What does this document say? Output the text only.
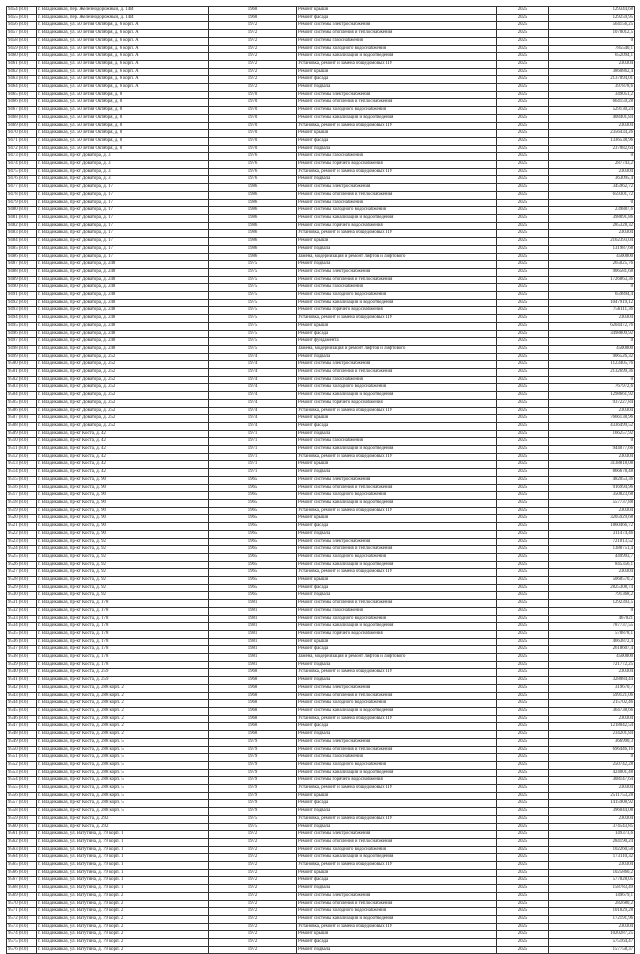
9454 (8.0)	г. Владикавказ, пер. Железнодорожный, д. 14И	1968	Ремонт крыши	2025	129344,68
9455 (8.0)	г. Владикавказ, пер. Железнодорожный, д. 14И	1968	Ремонт фасада	2025	129259,95
9456 (8.0)	г. Владикавказ, ул. 50 летия Октября, д. 6 корп. А	1972	Ремонт системы электроснабжения	2025	564156,25
9457 (8.0)	г. Владикавказ, ул. 50 летия Октября, д. 6 корп. А	1972	Ремонт системы отопления и теплоснабжения	2025	1070012,5
9458 (8.0)	г. Владикавказ, ул. 50 летия Октября, д. 6 корп. А	1972	Ремонт системы газоснабжения	2025	0
9459 (8.0)	г. Владикавказ, ул. 50 летия Октября, д. 6 корп. А	1972	Ремонт системы холодного водоснабжения	2025	785540,1
9460 (8.0)	г. Владикавказ, ул. 50 летия Октября, д. 6 корп. А	1972	Ремонт системы канализации и водоотведения	2025	652094,1
9461 (8.0)	г. Владикавказ, ул. 50 летия Октября, д. 6 корп. А	1972	Установка, ремонт и замена общедомовых ПУ	2025	230304
9462 (8.0)	г. Владикавказ, ул. 50 летия Октября, д. 6 корп. А	1972	Ремонт крыши	2025	3860862,4
9463 (8.0)	г. Владикавказ, ул. 50 летия Октября, д. 6 корп. А	1972	Ремонт фасада	2025	2137094,01
9464 (8.0)	г. Владикавказ, ул. 50 летия Октября, д. 6 корп. А	1972	Ремонт подвала	2025	397878,6
9465 (8.0)	г. Владикавказ, ул. 50 летия Октября, д. 8	1970	Ремонт системы электроснабжения	2025	349051,2
9466 (8.0)	г. Владикавказ, ул. 50 летия Октября, д. 8	1970	Ремонт системы отопления и теплоснабжения	2025	664159,28
9467 (8.0)	г. Владикавказ, ул. 50 летия Октября, д. 8	1970	Ремонт системы холодного водоснабжения	2025	529130,24
9468 (8.0)	г. Владикавказ, ул. 50 летия Октября, д. 8	1970	Ремонт системы канализации и водоотведения	2025	408401,84
9469 (8.0)	г. Владикавказ, ул. 50 летия Октября, д. 8	1970	Установка, ремонт и замена общедомовых ПУ	2025	230304
9470 (8.0)	г. Владикавказ, ул. 50 летия Октября, д. 8	1970	Ремонт крыши	2025	2356434,26
9471 (8.0)	г. Владикавказ, ул. 50 летия Октября, д. 8	1970	Ремонт фасада	2025	1336538,96
9472 (8.0)	г. Владикавказ, ул. 50 летия Октября, д. 8	1970	Ремонт подвала	2025	237082,64
9473 (8.0)	г. Владикавказ, пр-кт Доватора, д. 3	1976	Ремонт системы газоснабжения	2025	0
9474 (8.0)	г. Владикавказ, пр-кт Доватора, д. 3	1976	Ремонт системы горячего водоснабжения	2025	287743,2
9475 (8.0)	г. Владикавказ, пр-кт Доватора, д. 3	1976	Установка, ремонт и замена общедомовых ПУ	2025	230304
9476 (8.0)	г. Владикавказ, пр-кт Доватора, д. 3	1976	Ремонт подвала	2025	363095,4
9477 (8.0)	г. Владикавказ, пр-кт Доватора, д. 17	1986	Ремонт системы электроснабжения	2025	345962,72
9478 (8.0)	г. Владикавказ, пр-кт Доватора, д. 17	1986	Ремонт системы отопления и теплоснабжения	2025	659301,72
9479 (8.0)	г. Владикавказ, пр-кт Доватора, д. 17	1986	Ремонт системы газоснабжения	2025	0
9480 (8.0)	г. Владикавказ, пр-кт Доватора, д. 17	1986	Ремонт системы холодного водоснабжения	2025	239887,6
9481 (8.0)	г. Владикавказ, пр-кт Доватора, д. 17	1986	Ремонт системы канализации и водоотведения	2025	398891,86
9482 (8.0)	г. Владикавказ, пр-кт Доватора, д. 17	1986	Ремонт системы горячего водоснабжения	2025	285328,32
9483 (8.0)	г. Владикавказ, пр-кт Доватора, д. 17	1986	Установка, ремонт и замена общедомовых ПУ	2025	230304
9484 (8.0)	г. Владикавказ, пр-кт Доватора, д. 17	1986	Ремонт крыши	2025	2162393,04
9485 (8.0)	г. Владикавказ, пр-кт Доватора, д. 17	1986	Ремонт подвала	2025	131987,68
9486 (8.0)	г. Владикавказ, пр-кт Доватора, д. 17	1986	Замена, модернизация и ремонт лифтов и лифтового	2025	4500000
9487 (8.0)	г. Владикавказ, пр-кт Доватора, д. 248	1975	Ремонт подвала	2025	265025,76
9488 (8.0)	г. Владикавказ, пр-кт Доватора, д. 248	1975	Ремонт системы электроснабжения	2025	906581,68
9489 (8.0)	г. Владикавказ, пр-кт Доватора, д. 248	1975	Ремонт системы отопления и теплоснабжения	2025	1726863,36
9490 (8.0)	г. Владикавказ, пр-кт Доватора, д. 248	1975	Ремонт системы газоснабжения	2025	0
9491 (8.0)	г. Владикавказ, пр-кт Доватора, д. 248	1975	Ремонт системы холодного водоснабжения	2025	659894,4
9492 (8.0)	г. Владикавказ, пр-кт Доватора, д. 248	1975	Ремонт системы канализации и водоотведения	2025	1047919,12
9493 (8.0)	г. Владикавказ, пр-кт Доватора, д. 248	1975	Ремонт системы горячего водоснабжения	2025	756111,36
9494 (8.0)	г. Владикавказ, пр-кт Доватора, д. 248	1975	Установка, ремонт и замена общедомовых ПУ	2025	230304
9495 (8.0)	г. Владикавказ, пр-кт Доватора, д. 248	1975	Ремонт крыши	2025	6204472,76
9496 (8.0)	г. Владикавказ, пр-кт Доватора, д. 248	1975	Ремонт фасада	2025	3498809,92
9497 (8.0)	г. Владикавказ, пр-кт Доватора, д. 248	1975	Ремонт фундамента	2025	0
9498 (8.0)	г. Владикавказ, пр-кт Доватора, д. 248	1975	Замена, модернизация и ремонт лифтов и лифтового	2025	4500000
9499 (8.0)	г. Владикавказ, пр-кт Доватора, д. 252	1974	Ремонт подвала	2025	906526,32
9500 (8.0)	г. Владикавказ, пр-кт Доватора, д. 252	1974	Ремонт системы электроснабжения	2025	1123405,76
9501 (8.0)	г. Владикавказ, пр-кт Доватора, д. 252	1974	Ремонт системы отопления и теплоснабжения	2025	2132699,36
9502 (8.0)	г. Владикавказ, пр-кт Доватора, д. 252	1974	Ремонт системы газоснабжения	2025	0
9503 (8.0)	г. Владикавказ, пр-кт Доватора, д. 252	1974	Ремонт системы холодного водоснабжения	2025	767972,6
9504 (8.0)	г. Владикавказ, пр-кт Доватора, д. 252	1974	Ремонт системы канализации и водоотведения	2025	1298661,92
9505 (8.0)	г. Владикавказ, пр-кт Доватора, д. 252	1974	Ремонт системы горячего водоснабжения	2025	937227,84
9506 (8.0)	г. Владикавказ, пр-кт Доватора, д. 252	1974	Установка, ремонт и замена общедомовых ПУ	2025	230304
9507 (8.0)	г. Владикавказ, пр-кт Доватора, д. 252	1974	Ремонт крыши	2025	7666138,96
9508 (8.0)	г. Владикавказ, пр-кт Доватора, д. 252	1974	Ремонт фасада	2025	4336499,52
9509 (8.0)	г. Владикавказ, пр-кт Коста, д. 42	1971	Ремонт подвала	2025	166257,92
9510 (8.0)	г. Владикавказ, пр-кт Коста, д. 42	1971	Ремонт системы газоснабжения	2025	0
9511 (8.0)	г. Владикавказ, пр-кт Коста, д. 42	1971	Ремонт системы канализации и водоотведения	2025	944077,66
9512 (8.0)	г. Владикавказ, пр-кт Коста, д. 42	1971	Установка, ремонт и замена общедомовых ПУ	2025	230304
9513 (8.0)	г. Владикавказ, пр-кт Коста, д. 42	1971	Ремонт крыши	2025	3138818,08
9514 (8.0)	г. Владикавказ, пр-кт Коста, д. 42	1971	Ремонт подвала	2025	866678,48
9515 (8.0)	г. Владикавказ, пр-кт Коста, д. 90	1965	Ремонт системы электроснабжения	2025	482053,36
9516 (8.0)	г. Владикавказ, пр-кт Коста, д. 90	1965	Ремонт системы отопления и теплоснабжения	2025	916994,96
9517 (8.0)	г. Владикавказ, пр-кт Коста, д. 90	1965	Ремонт системы холодного водоснабжения	2025	350823,68
9518 (8.0)	г. Владикавказ, пр-кт Коста, д. 90	1965	Ремонт системы канализации и водоотведения	2025	557737,88
9519 (8.0)	г. Владикавказ, пр-кт Коста, д. 90	1965	Установка, ремонт и замена общедомовых ПУ	2025	230304
9520 (8.0)	г. Владикавказ, пр-кт Коста, д. 90	1965	Ремонт крыши	2025	3205929,68
9521 (8.0)	г. Владикавказ, пр-кт Коста, д. 90	1965	Ремонт фасада	2025	1860466,72
9522 (8.0)	г. Владикавказ, пр-кт Коста, д. 90	1965	Ремонт подвала	2025	311474,46
9523 (8.0)	г. Владикавказ, пр-кт Коста, д. 92	1965	Ремонт системы электроснабжения	2025	721013,52
9524 (8.0)	г. Владикавказ, пр-кт Коста, д. 92	1965	Ремонт системы отопления и теплоснабжения	2025	1388751,4
9525 (8.0)	г. Владикавказ, пр-кт Коста, д. 92	1965	Ремонт системы холодного водоснабжения	2025	449993,7
9526 (8.0)	г. Владикавказ, пр-кт Коста, д. 92	1965	Ремонт системы канализации и водоотведения	2025	845356,1
9527 (8.0)	г. Владикавказ, пр-кт Коста, д. 92	1965	Установка, ремонт и замена общедомовых ПУ	2025	230304
9528 (8.0)	г. Владикавказ, пр-кт Коста, д. 92	1965	Ремонт крыши	2025	5068570,2
9529 (8.0)	г. Владикавказ, пр-кт Коста, д. 92	1965	Ремонт фасада	2025	2825308,74
9530 (8.0)	г. Владикавказ, пр-кт Коста, д. 92	1965	Ремонт подвала	2025	791368,2
9531 (8.0)	г. Владикавказ, пр-кт Коста, д. 178	1981	Ремонт системы отопления и теплоснабжения	2025	1292393,5
9532 (8.0)	г. Владикавказ, пр-кт Коста, д. 178	1981	Ремонт системы газоснабжения	2025	0
9533 (8.0)	г. Владикавказ, пр-кт Коста, д. 178	1981	Ремонт системы холодного водоснабжения	2025	467021
9534 (8.0)	г. Владикавказ, пр-кт Коста, д. 178	1981	Ремонт системы канализации и водоотведения	2025	787737,55
9535 (8.0)	г. Владикавказ, пр-кт Коста, д. 178	1981	Ремонт системы горячего водоснабжения	2025	570878,1
9536 (8.0)	г. Владикавказ, пр-кт Коста, д. 178	1981	Ремонт крыши	2025	4663872,4
9537 (8.0)	г. Владикавказ, пр-кт Коста, д. 178	1981	Ремонт фасада	2025	2618607,4
9538 (8.0)	г. Владикавказ, пр-кт Коста, д. 178	1981	Замена, модернизация и ремонт лифтов и лифтового	2025	4500000
9539 (8.0)	г. Владикавказ, пр-кт Коста, д. 178	1981	Ремонт подвала	2025	721772,25
9540 (8.0)	г. Владикавказ, пр-кт Коста, д. 259	1968	Установка, ремонт и замена общедомовых ПУ	2025	230304
9541 (8.0)	г. Владикавказ, пр-кт Коста, д. 259	1968	Ремонт подвала	2025	328084,44
9542 (8.0)	г. Владикавказ, пр-кт Коста, д. 288 корп. 2	1968	Ремонт системы электроснабжения	2025	319670,7
9543 (8.0)	г. Владикавказ, пр-кт Коста, д. 288 корп. 2	1968	Ремонт системы отопления и теплоснабжения	2025	599121,06
9544 (8.0)	г. Владикавказ, пр-кт Коста, д. 288 корп. 2	1968	Ремонт системы холодного водоснабжения	2025	215702,46
9545 (8.0)	г. Владикавказ, пр-кт Коста, д. 288 корп. 2	1968	Ремонт системы канализации и водоотведения	2025	364738,66
9546 (8.0)	г. Владикавказ, пр-кт Коста, д. 288 корп. 2	1968	Установка, ремонт и замена общедомовых ПУ	2025	230304
9547 (8.0)	г. Владикавказ, пр-кт Коста, д. 288 корп. 2	1968	Ремонт фасада	2025	1218042,54
9548 (8.0)	г. Владикавказ, пр-кт Коста, д. 288 корп. 2	1968	Ремонт подвала	2025	234201,84
9549 (8.0)	г. Владикавказ, пр-кт Коста, д. 288 корп. 5	1979	Ремонт системы электроснабжения	2025	366990,3
9550 (8.0)	г. Владикавказ, пр-кт Коста, д. 288 корп. 5	1979	Ремонт системы отопления и теплоснабжения	2025	696446,16
9551 (8.0)	г. Владикавказ, пр-кт Коста, д. 288 корп. 5	1979	Ремонт системы газоснабжения	2025	0
9552 (8.0)	г. Владикавказ, пр-кт Коста, д. 288 корп. 5	1979	Ремонт системы холодного водоснабжения	2025	250742,28
9553 (8.0)	г. Владикавказ, пр-кт Коста, д. 288 корп. 5	1979	Ремонт системы канализации и водоотведения	2025	424001,48
9554 (8.0)	г. Владикавказ, пр-кт Коста, д. 288 корп. 5	1979	Ремонт системы горячего водоснабжения	2025	308147,64
9555 (8.0)	г. Владикавказ, пр-кт Коста, д. 288 корп. 5	1979	Установка, ремонт и замена общедомовых ПУ	2025	230304
9556 (8.0)	г. Владикавказ, пр-кт Коста, д. 288 корп. 5	1979	Ремонт крыши	2025	2511753,28
9557 (8.0)	г. Владикавказ, пр-кт Коста, д. 288 корп. 5	1979	Ремонт фасада	2025	1415908,92
9558 (8.0)	г. Владикавказ, пр-кт Коста, д. 288 корп. 5	1979	Ремонт подвала	2025	396044,08
9559 (8.0)	г. Владикавказ, пр-кт Коста, д. 292	1975	Установка, ремонт и замена общедомовых ПУ	2025	230304
9560 (8.0)	г. Владикавказ, пр-кт Коста, д. 292	1975	Ремонт подвала	2025	374543,85
9561 (8.0)	г. Владикавказ, ул. Ватутина, д. 79 корп. 1	1972	Ремонт системы электроснабжения	2025	149373,6
9562 (8.0)	г. Владикавказ, ул. Ватутина, д. 79 корп. 1	1972	Ремонт системы отопления и теплоснабжения	2025	284190,24
9563 (8.0)	г. Владикавказ, ул. Ватутина, д. 79 корп. 1	1972	Ремонт системы холодного водоснабжения	2025	102260,58
9564 (8.0)	г. Владикавказ, ул. Ватутина, д. 79 корп. 1	1972	Ремонт системы канализации и водоотведения	2025	173110,32
9565 (8.0)	г. Владикавказ, ул. Ватутина, д. 79 корп. 1	1972	Установка, ремонт и замена общедомовых ПУ	2025	230304
9566 (8.0)	г. Владикавказ, ул. Ватутина, д. 79 корп. 1	1972	Ремонт крыши	2025	1025860,2
9567 (8.0)	г. Владикавказ, ул. Ватутина, д. 79 корп. 1	1972	Ремонт фасада	2025	577828,05
9568 (8.0)	г. Владикавказ, ул. Ватутина, д. 79 корп. 1	1972	Ремонт подвала	2025	158783,49
9569 (8.0)	г. Владикавказ, ул. Ватутина, д. 79 корп. 2	1972	Ремонт системы электроснабжения	2025	149679,1
9570 (8.0)	г. Владикавказ, ул. Ватутина, д. 79 корп. 2	1972	Ремонт системы отопления и теплоснабжения	2025	282680,2
9571 (8.0)	г. Владикавказ, ул. Ватутина, д. 79 корп. 2	1972	Ремонт системы холодного водоснабжения	2025	101829,28
9572 (8.0)	г. Владикавказ, ул. Ватутина, д. 79 корп. 2	1972	Ремонт системы канализации и водоотведения	2025	172191,96
9573 (8.0)	г. Владикавказ, ул. Ватутина, д. 79 корп. 2	1972	Установка, ремонт и замена общедомовых ПУ	2025	230304
9574 (8.0)	г. Владикавказ, ул. Ватутина, д. 79 корп. 2	1972	Ремонт крыши	2025	1020287,25
9575 (8.0)	г. Владикавказ, ул. Ватутина, д. 79 корп. 2	1972	Ремонт фасада	2025	575164,47
9576 (8.0)	г. Владикавказ, ул. Ватутина, д. 79 корп. 2	1972	Ремонт подвала	2025	157758,37
